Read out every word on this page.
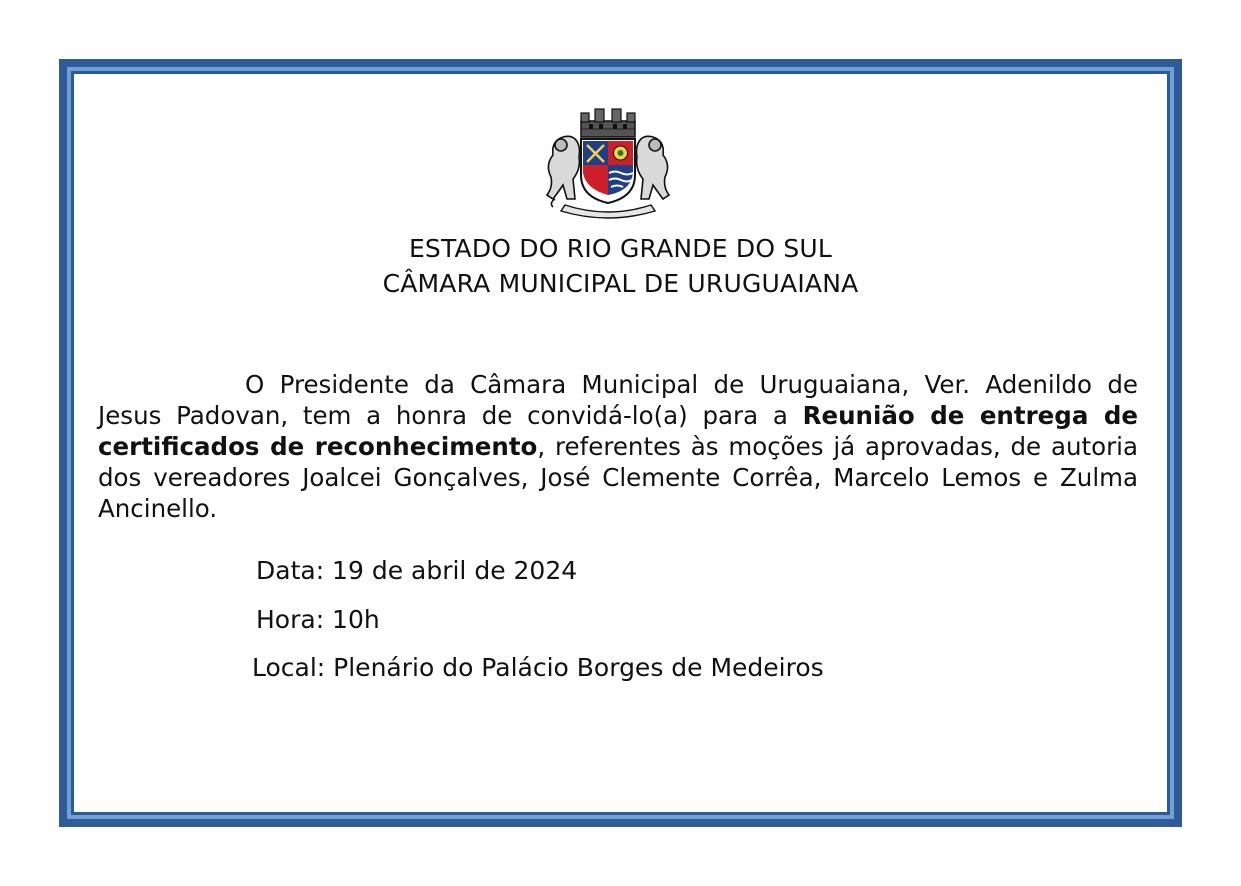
ESTADO DO RIO GRANDE DO SUL
CÂMARA MUNICIPAL DE URUGUAIANA
O Presidente da Câmara Municipal de Uruguaiana, Ver. Adenildo de Jesus Padovan, tem a honra de convidá-lo(a) para a Reunião de entrega de certificados de reconhecimento, referentes às moções já aprovadas, de autoria dos vereadores Joalcei Gonçalves, José Clemente Corrêa, Marcelo Lemos e Zulma Ancinello.
Data: 19 de abril de 2024
Hora: 10h
Local: Plenário do Palácio Borges de Medeiros
